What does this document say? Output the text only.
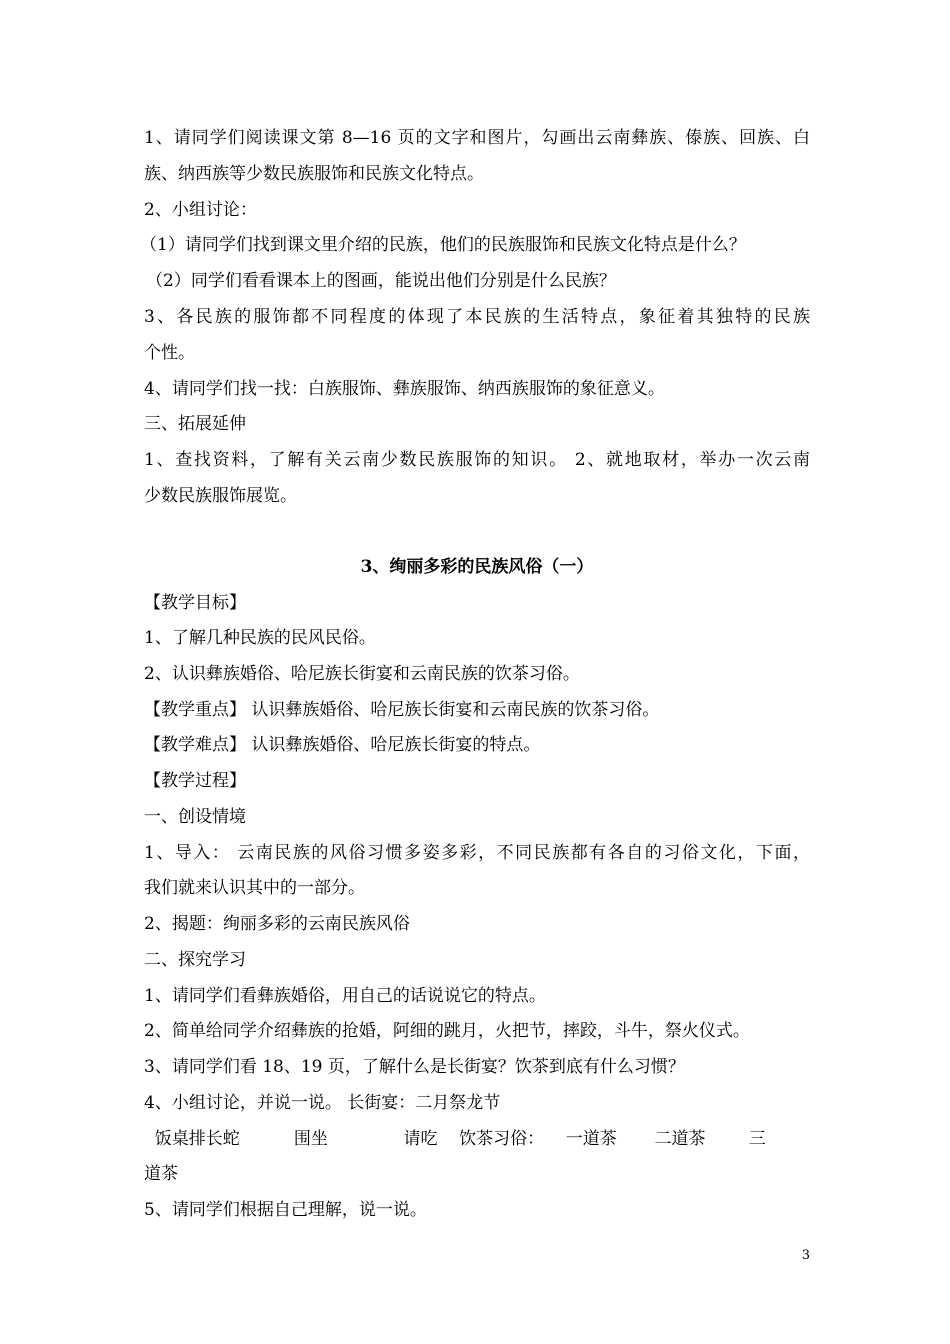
1、请同学们阅读课文第 8—16 页的文字和图片，勾画出云南彝族、傣族、回族、白
族、纳西族等少数民族服饰和民族文化特点。
2、小组讨论：
（1）请同学们找到课文里介绍的民族，他们的民族服饰和民族文化特点是什么？
（2）同学们看看课本上的图画，能说出他们分别是什么民族？
3、各民族的服饰都不同程度的体现了本民族的生活特点，象征着其独特的民族
个性。
4、请同学们找一找：白族服饰、彝族服饰、纳西族服饰的象征意义。
三、拓展延伸
1、查找资料，了解有关云南少数民族服饰的知识。 2、就地取材，举办一次云南
少数民族服饰展览。
3、绚丽多彩的民族风俗（一）
【教学目标】
1、了解几种民族的民风民俗。
2、认识彝族婚俗、哈尼族长街宴和云南民族的饮茶习俗。
【教学重点】 认识彝族婚俗、哈尼族长街宴和云南民族的饮茶习俗。
【教学难点】 认识彝族婚俗、哈尼族长街宴的特点。
【教学过程】
一、创设情境
1、导入： 云南民族的风俗习惯多姿多彩，不同民族都有各自的习俗文化，下面，
我们就来认识其中的一部分。
2、揭题：绚丽多彩的云南民族风俗
二、探究学习
1、请同学们看彝族婚俗，用自己的话说说它的特点。
2、简单给同学介绍彝族的抢婚，阿细的跳月，火把节，摔跤，斗牛，祭火仪式。
3、请同学们看 18、19 页，了解什么是长街宴？饮茶到底有什么习惯？
4、小组讨论，并说一说。 长街宴：二月祭龙节
饭桌排长蛇          围坐              请吃    饮茶习俗：    一道茶       二道茶        三
道茶
5、请同学们根据自己理解，说一说。
3
